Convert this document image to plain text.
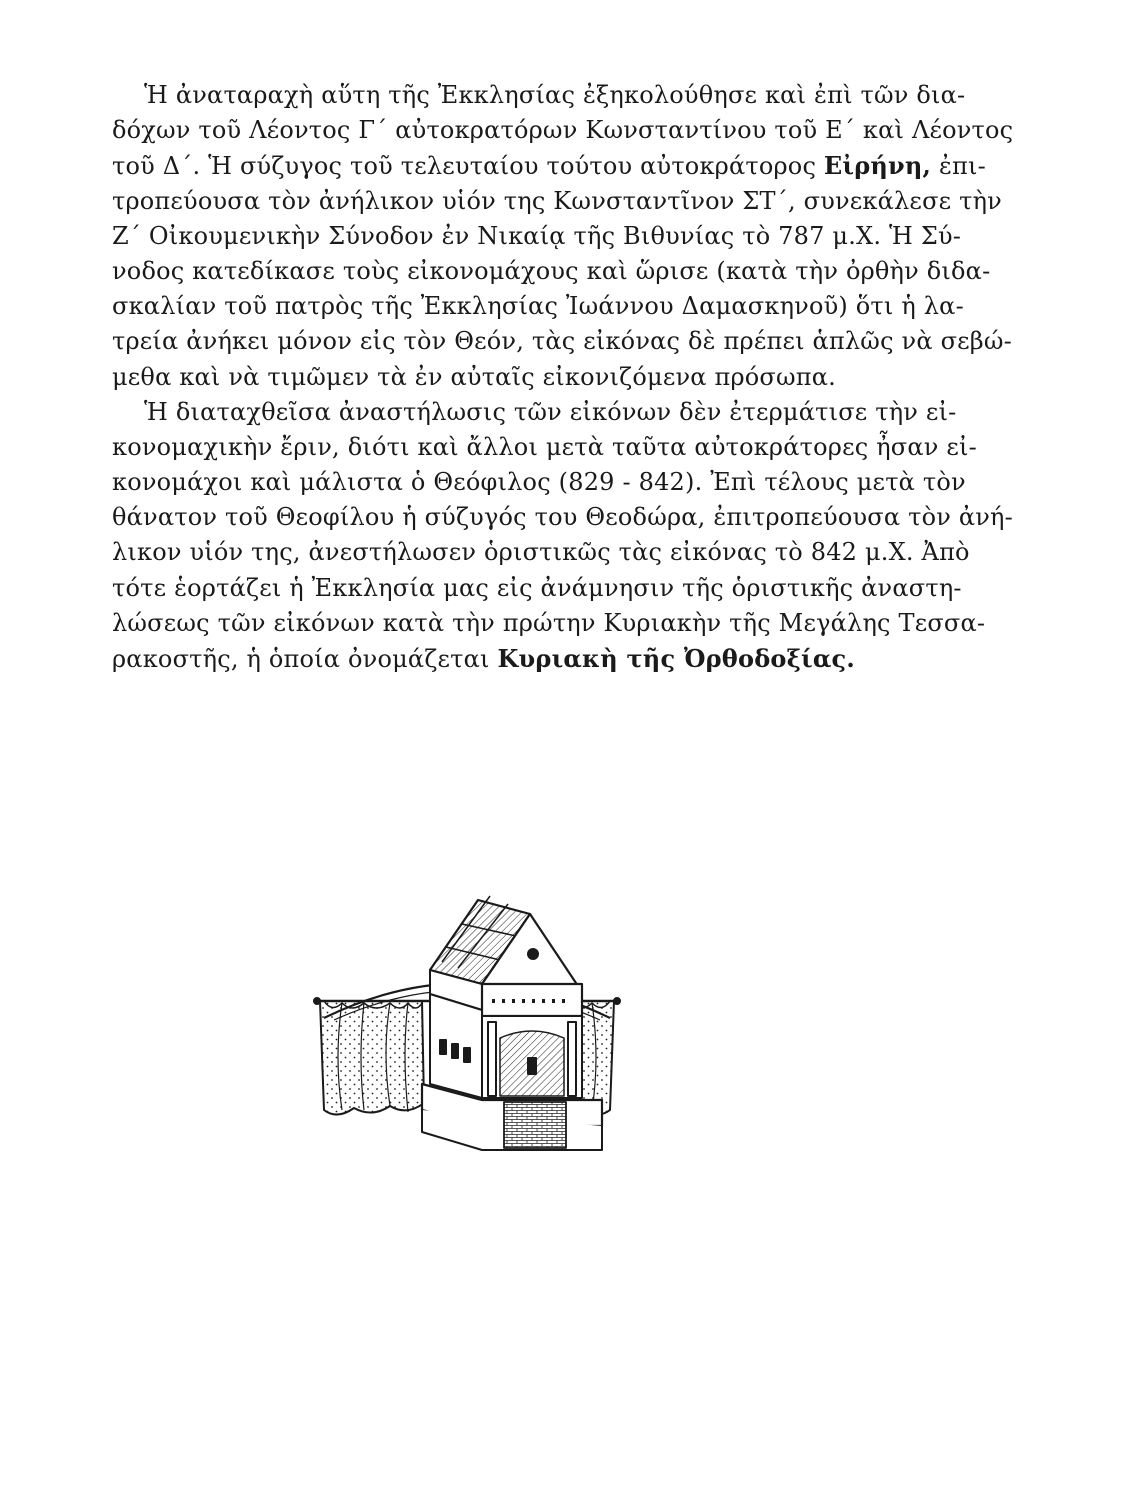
Ἡ ἀναταραχὴ αὕτη τῆς Ἐκκλησίας ἐξηκολούθησε καὶ ἐπὶ τῶν δια-
δόχων τοῦ Λέοντος Γ΄ αὐτοκρατόρων Κωνσταντίνου τοῦ Ε΄ καὶ Λέοντος
τοῦ Δ΄. Ἡ σύζυγος τοῦ τελευταίου τούτου αὐτοκράτορος Εἰρήνη, ἐπι-
τροπεύουσα τὸν ἀνήλικον υἱόν της Κωνσταντῖνον ΣΤ΄, συνεκάλεσε τὴν
Ζ΄ Οἰκουμενικὴν Σύνοδον ἐν Νικαίᾳ τῆς Βιθυνίας τὸ 787 μ.Χ. Ἡ Σύ-
νοδος κατεδίκασε τοὺς εἰκονομάχους καὶ ὥρισε (κατὰ τὴν ὀρθὴν διδα-
σκαλίαν τοῦ πατρὸς τῆς Ἐκκλησίας Ἰωάννου Δαμασκηνοῦ) ὅτι ἡ λα-
τρεία ἀνήκει μόνον εἰς τὸν Θεόν, τὰς εἰκόνας δὲ πρέπει ἁπλῶς νὰ σεβώ-
μεθα καὶ νὰ τιμῶμεν τὰ ἐν αὐταῖς εἰκονιζόμενα πρόσωπα.
Ἡ διαταχθεῖσα ἀναστήλωσις τῶν εἰκόνων δὲν ἐτερμάτισε τὴν εἰ-
κονομαχικὴν ἔριν, διότι καὶ ἄλλοι μετὰ ταῦτα αὐτοκράτορες ἦσαν εἰ-
κονομάχοι καὶ μάλιστα ὁ Θεόφιλος (829 - 842). Ἐπὶ τέλους μετὰ τὸν
θάνατον τοῦ Θεοφίλου ἡ σύζυγός του Θεοδώρα, ἐπιτροπεύουσα τὸν ἀνή-
λικον υἱόν της, ἀνεστήλωσεν ὁριστικῶς τὰς εἰκόνας τὸ 842 μ.Χ. Ἀπὸ
τότε ἑορτάζει ἡ Ἐκκλησία μας εἰς ἀνάμνησιν τῆς ὁριστικῆς ἀναστη-
λώσεως τῶν εἰκόνων κατὰ τὴν πρώτην Κυριακὴν τῆς Μεγάλης Τεσσα-
ρακοστῆς, ἡ ὁποία ὀνομάζεται Κυριακὴ τῆς Ὀρθοδοξίας.
